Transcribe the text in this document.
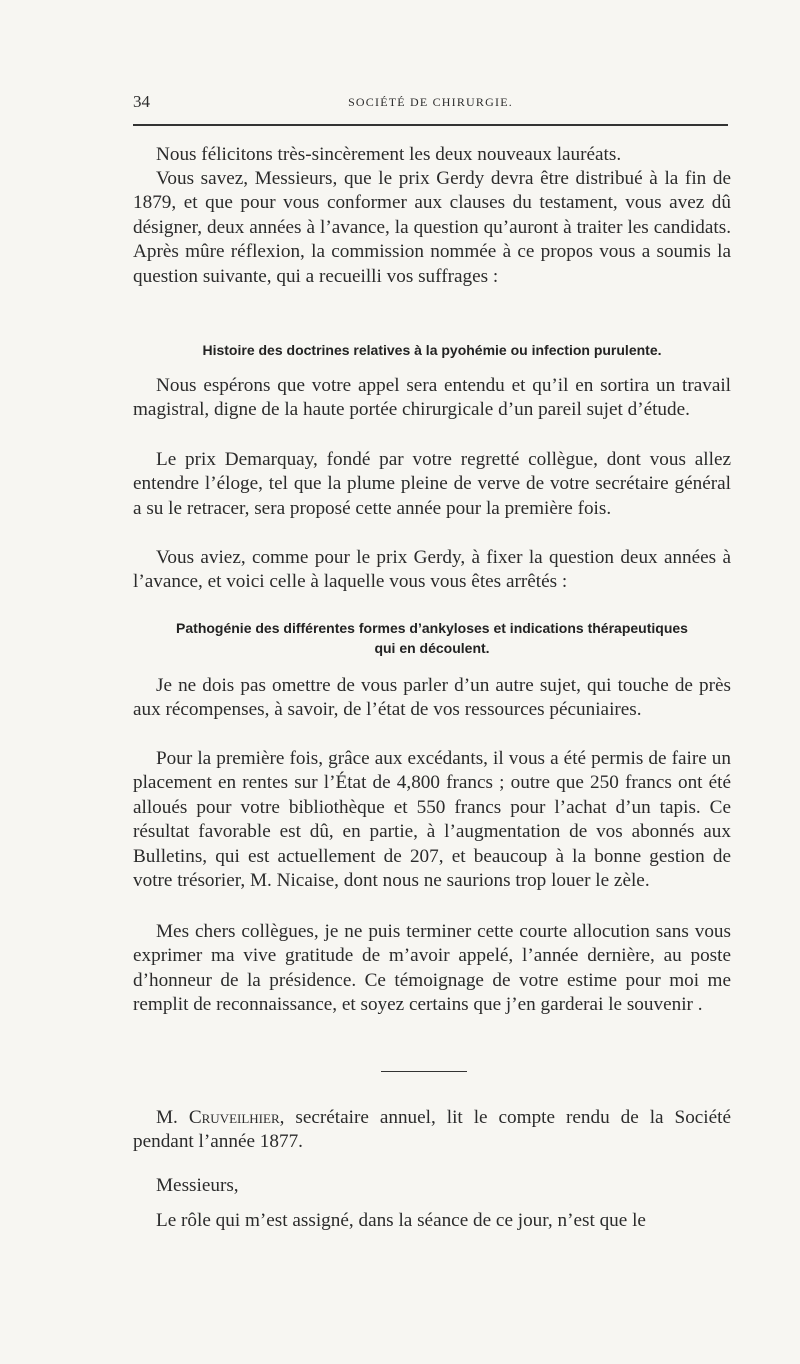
34	SOCIÉTÉ DE CHIRURGIE.

Nous félicitons très-sincèrement les deux nouveaux lauréats.

Vous savez, Messieurs, que le prix Gerdy devra être distribué à la fin de 1879, et que pour vous conformer aux clauses du testament, vous avez dû désigner, deux années à l’avance, la question qu’auront à traiter les candidats. Après mûre réflexion, la commission nommée à ce propos vous a soumis la question suivante, qui a recueilli vos suffrages :

Histoire des doctrines relatives à la pyohémie ou infection purulente.

Nous espérons que votre appel sera entendu et qu’il en sortira un travail magistral, digne de la haute portée chirurgicale d’un pareil sujet d’étude.

Le prix Demarquay, fondé par votre regretté collègue, dont vous allez entendre l’éloge, tel que la plume pleine de verve de votre secrétaire général a su le retracer, sera proposé cette année pour la première fois.

Vous aviez, comme pour le prix Gerdy, à fixer la question deux années à l’avance, et voici celle à laquelle vous vous êtes arrêtés :

Pathogénie des différentes formes d’ankyloses et indications thérapeutiques
qui en découlent.

Je ne dois pas omettre de vous parler d’un autre sujet, qui touche de près aux récompenses, à savoir, de l’état de vos ressources pécuniaires.

Pour la première fois, grâce aux excédants, il vous a été permis de faire un placement en rentes sur l’État de 4,800 francs ; outre que 250 francs ont été alloués pour votre bibliothèque et 550 francs pour l’achat d’un tapis. Ce résultat favorable est dû, en partie, à l’augmentation de vos abonnés aux Bulletins, qui est actuellement de 207, et beaucoup à la bonne gestion de votre trésorier, M. Nicaise, dont nous ne saurions trop louer le zèle.

Mes chers collègues, je ne puis terminer cette courte allocution sans vous exprimer ma vive gratitude de m’avoir appelé, l’année dernière, au poste d’honneur de la présidence. Ce témoignage de votre estime pour moi me remplit de reconnaissance, et soyez certains que j’en garderai le souvenir .

M. Cruveilhier, secrétaire annuel, lit le compte rendu de la Société pendant l’année 1877.

Messieurs,

Le rôle qui m’est assigné, dans la séance de ce jour, n’est que le
